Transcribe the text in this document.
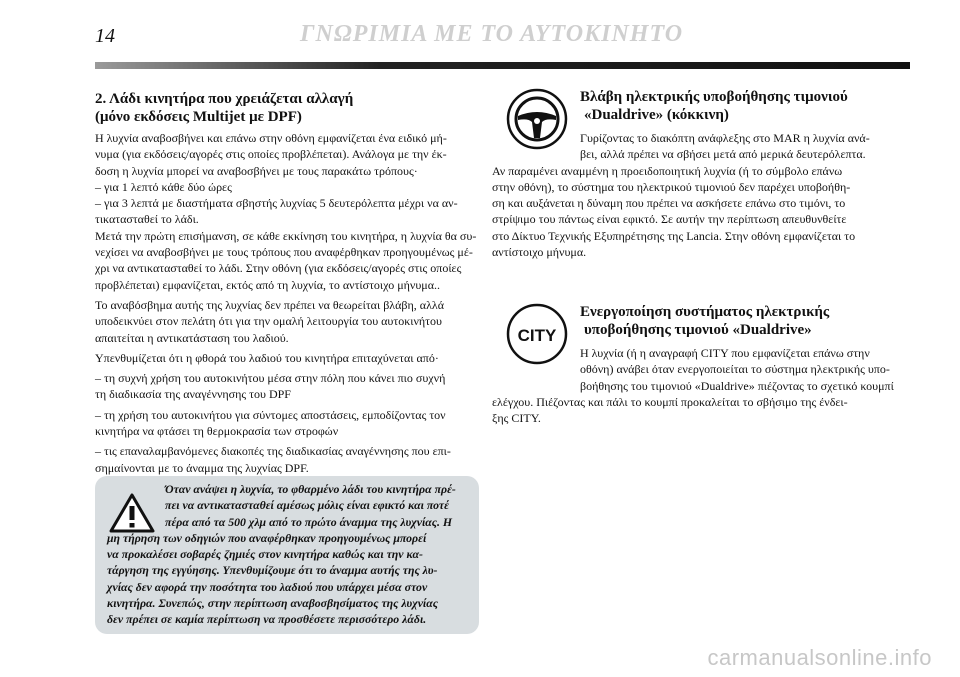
14	ΓΝΩΡΙΜΙΑ ΜΕ ΤΟ ΑΥΤΟΚΙΝΗΤΟ
2. Λάδι κινητήρα που χρειάζεται αλλαγή
(μόνο εκδόσεις Multijet με DPF)
Η λυχνία αναβοσβήνει και επάνω στην οθόνη εμφανίζεται ένα ειδικό μή-
νυμα (για εκδόσεις/αγορές στις οποίες προβλέπεται). Ανάλογα με την έκ-
δοση η λυχνία μπορεί να αναβοσβήνει με τους παρακάτω τρόπους·
– για 1 λεπτό κάθε δύο ώρες
– για 3 λεπτά με διαστήματα σβηστής λυχνίας 5 δευτερόλεπτα μέχρι να αν-
τικατασταθεί το λάδι.
Μετά την πρώτη επισήμανση, σε κάθε εκκίνηση του κινητήρα, η λυχνία θα συ-
νεχίσει να αναβοσβήνει με τους τρόπους που αναφέρθηκαν προηγουμένως μέ-
χρι να αντικατασταθεί το λάδι. Στην οθόνη (για εκδόσεις/αγορές στις οποίες
προβλέπεται) εμφανίζεται, εκτός από τη λυχνία, το αντίστοιχο μήνυμα..
Το αναβόσβημα αυτής της λυχνίας δεν πρέπει να θεωρείται βλάβη, αλλά
υποδεικνύει στον πελάτη ότι για την ομαλή λειτουργία του αυτοκινήτου
απαιτείται η αντικατάσταση του λαδιού.
Υπενθυμίζεται ότι η φθορά του λαδιού του κινητήρα επιταχύνεται από·
– τη συχνή χρήση του αυτοκινήτου μέσα στην πόλη που κάνει πιο συχνή
τη διαδικασία της αναγέννησης του DPF
– τη χρήση του αυτοκινήτου για σύντομες αποστάσεις, εμποδίζοντας τον
κινητήρα να φτάσει τη θερμοκρασία των στροφών
– τις επαναλαμβανόμενες διακοπές της διαδικασίας αναγέννησης που επι-
σημαίνονται με το άναμμα της λυχνίας DPF.
Όταν ανάψει η λυχνία, το φθαρμένο λάδι του κινητήρα πρέ-
πει να αντικατασταθεί αμέσως μόλις είναι εφικτό και ποτέ
πέρα από τα 500 χλμ από το πρώτο άναμμα της λυχνίας. Η
μη τήρηση των οδηγιών που αναφέρθηκαν προηγουμένως μπορεί
να προκαλέσει σοβαρές ζημιές στον κινητήρα καθώς και την κα-
τάργηση της εγγύησης. Υπενθυμίζουμε ότι το άναμμα αυτής της λυ-
χνίας δεν αφορά την ποσότητα του λαδιού που υπάρχει μέσα στον
κινητήρα. Συνεπώς, στην περίπτωση αναβοσβησίματος της λυχνίας
δεν πρέπει σε καμία περίπτωση να προσθέσετε περισσότερο λάδι.
Βλάβη ηλεκτρικής υποβοήθησης τιμονιού
«Dualdrive» (κόκκινη)
Γυρίζοντας το διακόπτη ανάφλεξης στο MAR η λυχνία ανά-
βει, αλλά πρέπει να σβήσει μετά από μερικά δευτερόλεπτα.
Αν παραμένει αναμμένη η προειδοποιητική λυχνία (ή το σύμβολο επάνω
στην οθόνη), το σύστημα του ηλεκτρικού τιμονιού δεν παρέχει υποβοήθη-
ση και αυξάνεται η δύναμη που πρέπει να ασκήσετε επάνω στο τιμόνι, το
στρίψιμο του πάντως είναι εφικτό. Σε αυτήν την περίπτωση απευθυνθείτε
στο Δίκτυο Τεχνικής Εξυπηρέτησης της Lancia. Στην οθόνη εμφανίζεται το
αντίστοιχο μήνυμα.
CITY
Ενεργοποίηση συστήματος ηλεκτρικής
υποβοήθησης τιμονιού «Dualdrive»
Η λυχνία (ή η αναγραφή CITY που εμφανίζεται επάνω στην
οθόνη) ανάβει όταν ενεργοποιείται το σύστημα ηλεκτρικής υπο-
βοήθησης του τιμονιού «Dualdrive» πιέζοντας το σχετικό κουμπί
ελέγχου. Πιέζοντας και πάλι το κουμπί προκαλείται το σβήσιμο της ένδει-
ξης CITY.
carmanualsonline.info
